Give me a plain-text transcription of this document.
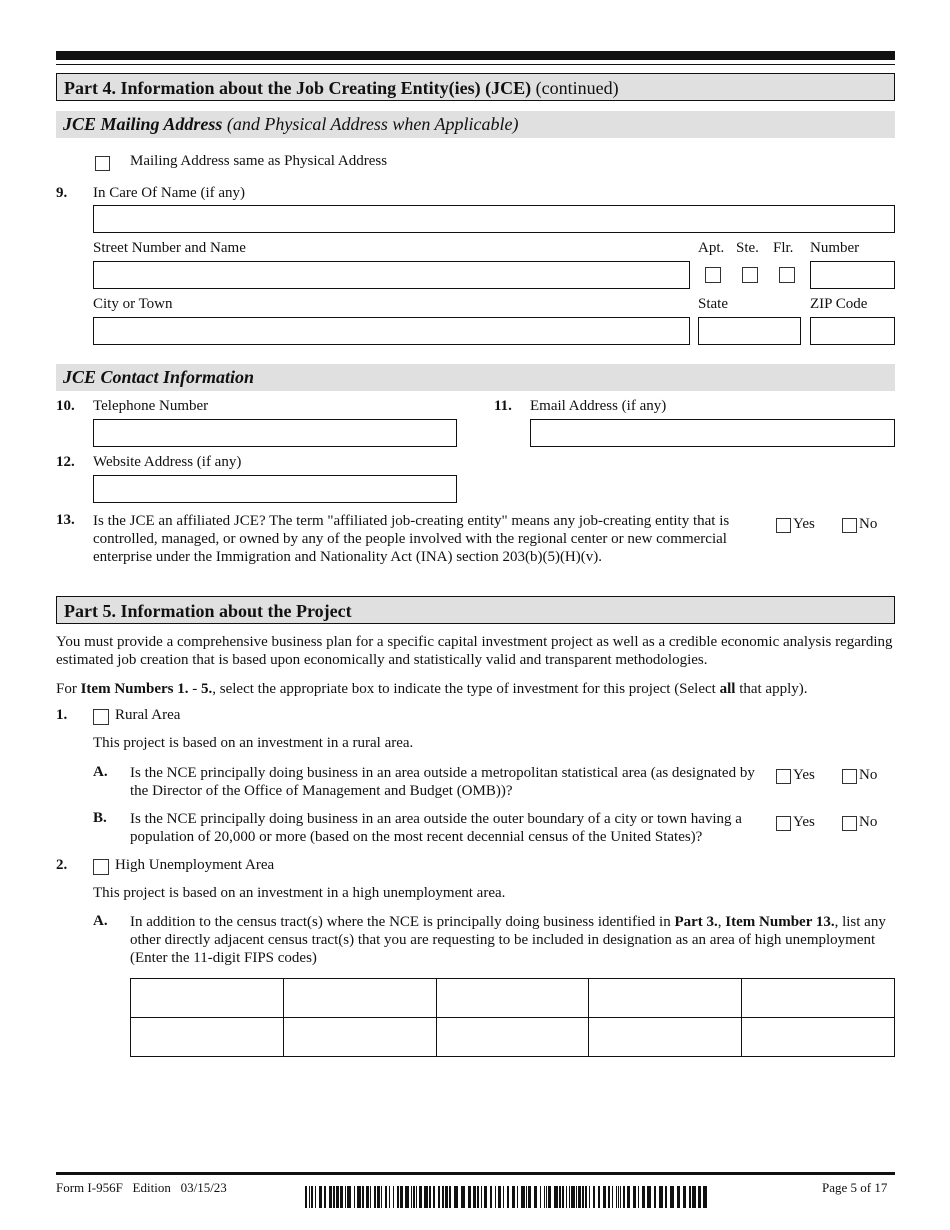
Part 4. Information about the Job Creating Entity(ies) (JCE) (continued)
JCE Mailing Address (and Physical Address when Applicable)
Mailing Address same as Physical Address
9. In Care Of Name (if any)
Street Number and Name	Apt. Ste. Flr. Number
City or Town	State	ZIP Code
JCE Contact Information
10. Telephone Number	11. Email Address (if any)
12. Website Address (if any)
13. Is the JCE an affiliated JCE? The term "affiliated job-creating entity" means any job-creating entity that is controlled, managed, or owned by any of the people involved with the regional center or new commercial enterprise under the Immigration and Nationality Act (INA) section 203(b)(5)(H)(v).
Yes	No
Part 5. Information about the Project
You must provide a comprehensive business plan for a specific capital investment project as well as a credible economic analysis regarding estimated job creation that is based upon economically and statistically valid and transparent methodologies.
For Item Numbers 1. - 5., select the appropriate box to indicate the type of investment for this project (Select all that apply).
1.	Rural Area
This project is based on an investment in a rural area.
A. Is the NCE principally doing business in an area outside a metropolitan statistical area (as designated by the Director of the Office of Management and Budget (OMB))?
Yes	No
B. Is the NCE principally doing business in an area outside the outer boundary of a city or town having a population of 20,000 or more (based on the most recent decennial census of the United States)?
Yes	No
2.	High Unemployment Area
This project is based on an investment in a high unemployment area.
A. In addition to the census tract(s) where the NCE is principally doing business identified in Part 3., Item Number 13., list any other directly adjacent census tract(s) that you are requesting to be included in designation as an area of high unemployment (Enter the 11-digit FIPS codes)

Form I-956F   Edition   03/15/23	Page 5 of 17
